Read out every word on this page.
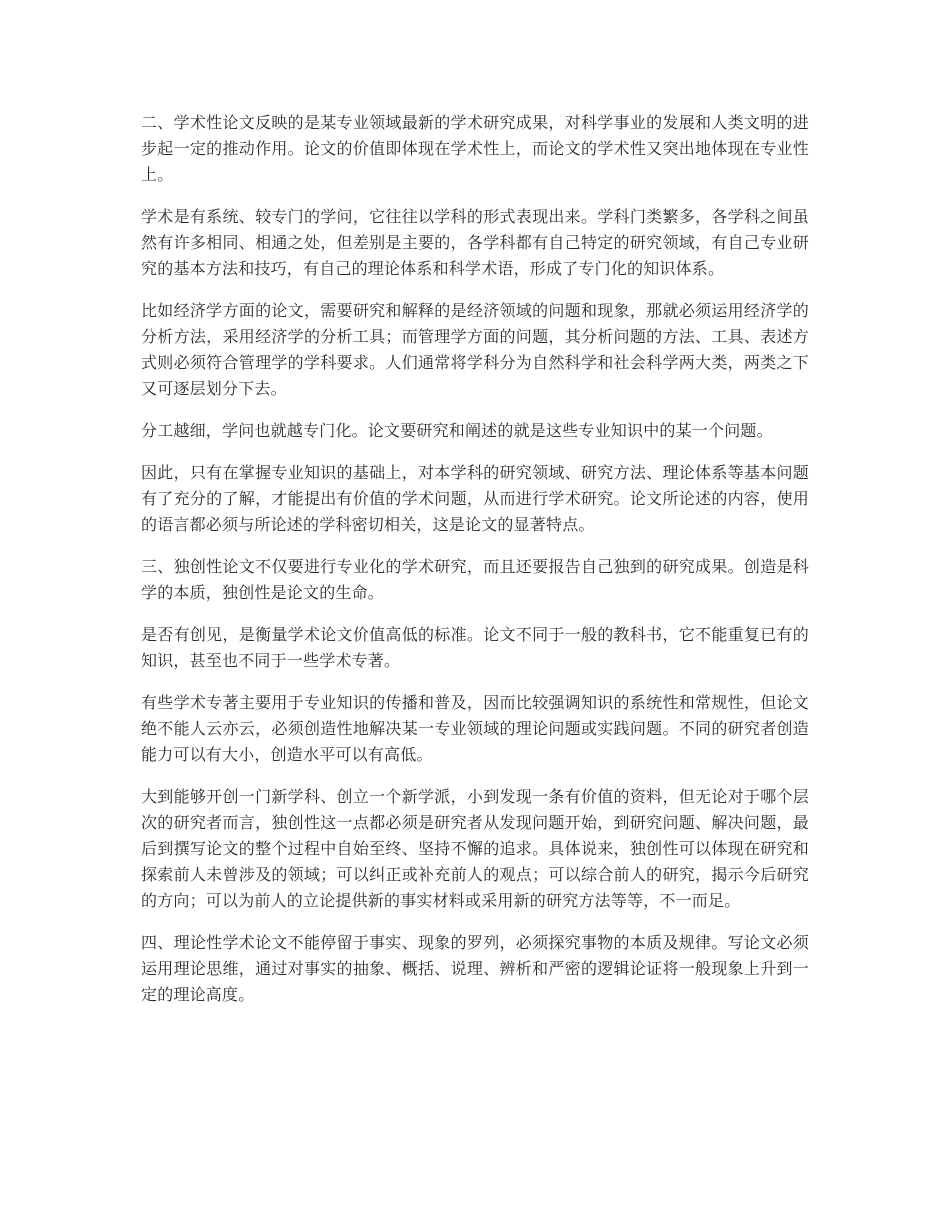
二、学术性论文反映的是某专业领域最新的学术研究成果，对科学事业的发展和人类文明的进步起一定的推动作用。论文的价值即体现在学术性上，而论文的学术性又突出地体现在专业性上。

学术是有系统、较专门的学问，它往往以学科的形式表现出来。学科门类繁多，各学科之间虽然有许多相同、相通之处，但差别是主要的，各学科都有自己特定的研究领域，有自己专业研究的基本方法和技巧，有自己的理论体系和科学术语，形成了专门化的知识体系。

比如经济学方面的论文，需要研究和解释的是经济领域的问题和现象，那就必须运用经济学的分析方法，采用经济学的分析工具；而管理学方面的问题，其分析问题的方法、工具、表述方式则必须符合管理学的学科要求。人们通常将学科分为自然科学和社会科学两大类，两类之下又可逐层划分下去。

分工越细，学问也就越专门化。论文要研究和阐述的就是这些专业知识中的某一个问题。

因此，只有在掌握专业知识的基础上，对本学科的研究领域、研究方法、理论体系等基本问题有了充分的了解，才能提出有价值的学术问题，从而进行学术研究。论文所论述的内容，使用的语言都必须与所论述的学科密切相关，这是论文的显著特点。

三、独创性论文不仅要进行专业化的学术研究，而且还要报告自己独到的研究成果。创造是科学的本质，独创性是论文的生命。

是否有创见，是衡量学术论文价值高低的标准。论文不同于一般的教科书，它不能重复已有的知识，甚至也不同于一些学术专著。

有些学术专著主要用于专业知识的传播和普及，因而比较强调知识的系统性和常规性，但论文绝不能人云亦云，必须创造性地解决某一专业领域的理论问题或实践问题。不同的研究者创造能力可以有大小，创造水平可以有高低。

大到能够开创一门新学科、创立一个新学派，小到发现一条有价值的资料，但无论对于哪个层次的研究者而言，独创性这一点都必须是研究者从发现问题开始，到研究问题、解决问题，最后到撰写论文的整个过程中自始至终、坚持不懈的追求。具体说来，独创性可以体现在研究和探索前人未曾涉及的领域；可以纠正或补充前人的观点；可以综合前人的研究，揭示今后研究的方向；可以为前人的立论提供新的事实材料或采用新的研究方法等等，不一而足。

四、理论性学术论文不能停留于事实、现象的罗列，必须探究事物的本质及规律。写论文必须运用理论思维，通过对事实的抽象、概括、说理、辨析和严密的逻辑论证将一般现象上升到一定的理论高度。
